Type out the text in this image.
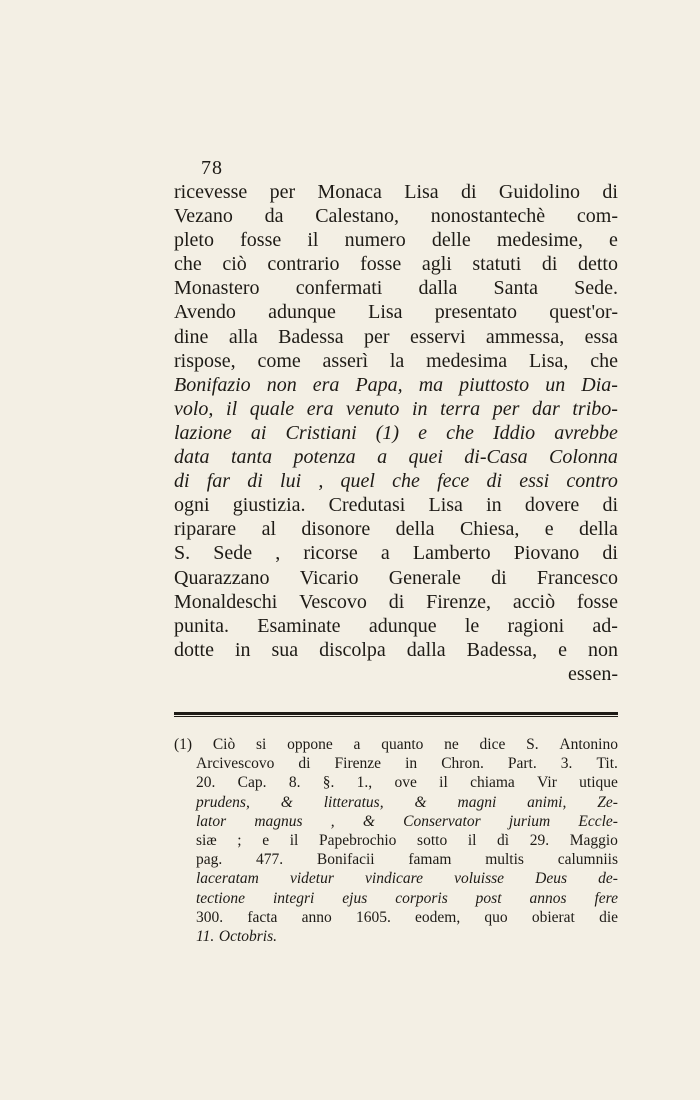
78
ricevesse per Monaca Lisa di Guidolino di
Vezano da Calestano, nonostantechè com-
pleto fosse il numero delle medesime, e
che ciò contrario fosse agli statuti di detto
Monastero confermati dalla Santa Sede.
Avendo adunque Lisa presentato quest'or-
dine alla Badessa per esservi ammessa, essa
rispose, come asserì la medesima Lisa, che
Bonifazio non era Papa, ma piuttosto un Dia-
volo, il quale era venuto in terra per dar tribo-
lazione ai Cristiani (1) e che Iddio avrebbe
data tanta potenza a quei di-Casa Colonna
di far di lui , quel che fece di essi contro
ogni giustizia. Credutasi Lisa in dovere di
riparare al disonore della Chiesa, e della
S. Sede , ricorse a Lamberto Piovano di
Quarazzano Vicario Generale di Francesco
Monaldeschi Vescovo di Firenze, acciò fosse
punita. Esaminate adunque le ragioni ad-
dotte in sua discolpa dalla Badessa, e non
essen-
(1) Ciò si oppone a quanto ne dice S. Antonino
Arcivescovo di Firenze in Chron. Part. 3. Tit.
20. Cap. 8. §. 1., ove il chiama Vir utique
prudens, & litteratus, & magni animi, Ze-
lator magnus , & Conservator jurium Eccle-
siæ ; e il Papebrochio sotto il dì 29. Maggio
pag. 477. Bonifacii famam multis calumniis
laceratam videtur vindicare voluisse Deus de-
tectione integri ejus corporis post annos fere
300. facta anno 1605. eodem, quo obierat die
11. Octobris.
